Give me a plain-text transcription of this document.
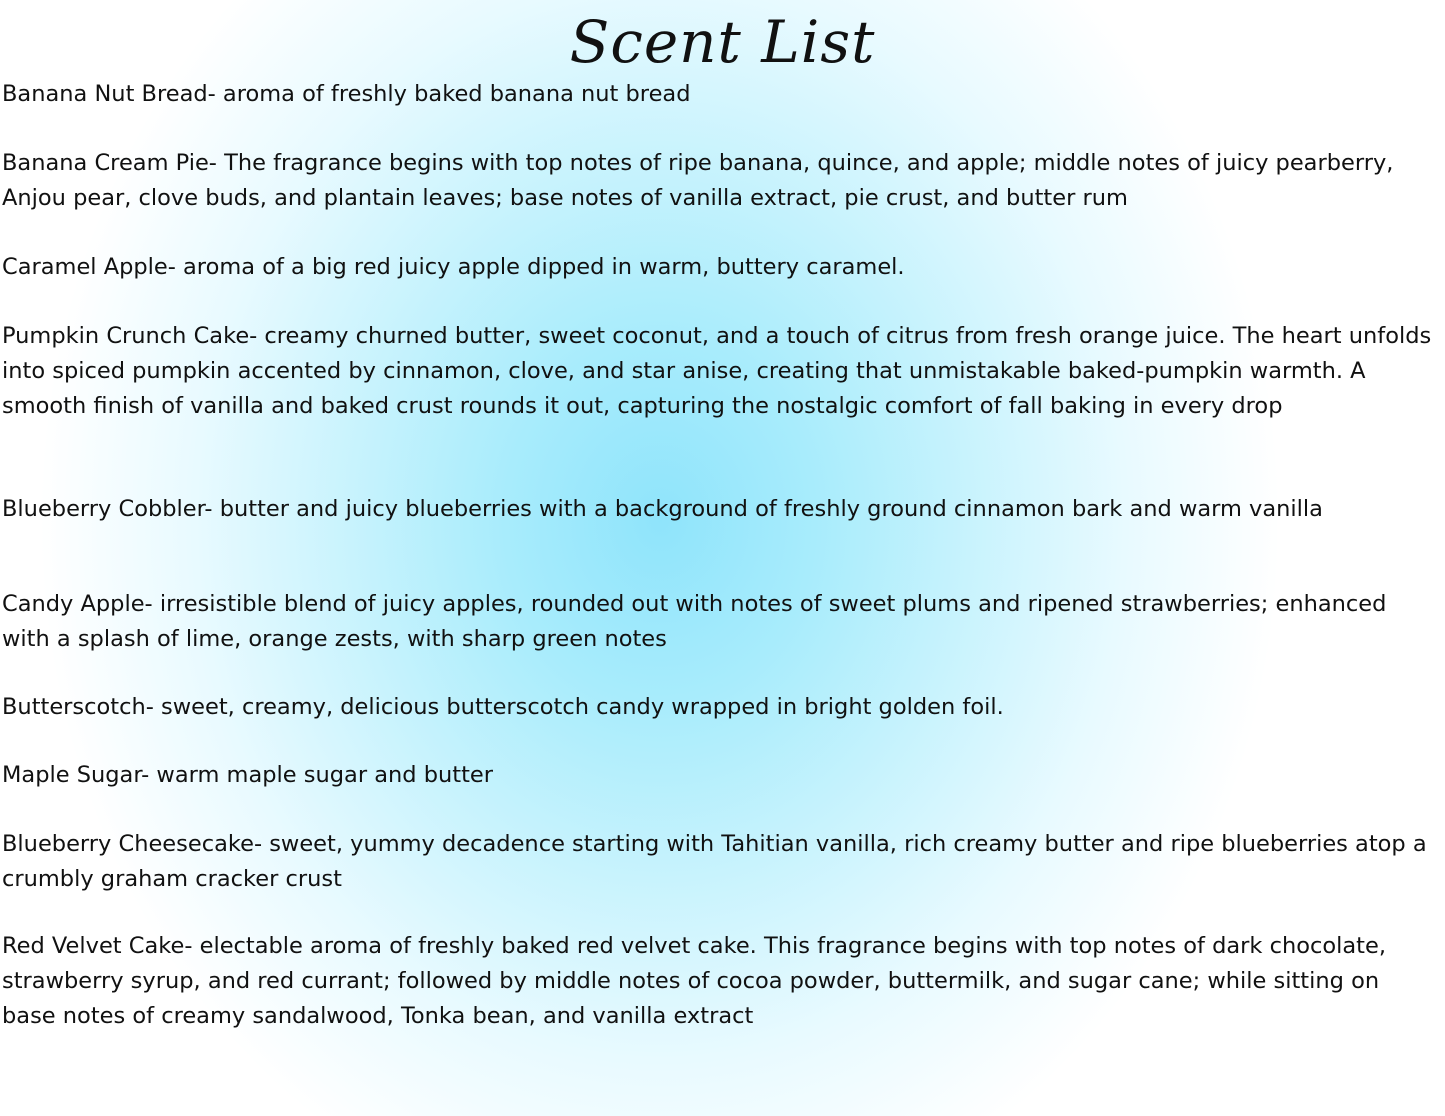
Scent List

Banana Nut Bread- aroma of freshly baked banana nut bread

Banana Cream Pie- The fragrance begins with top notes of ripe banana, quince, and apple; middle notes of juicy pearberry, Anjou pear, clove buds, and plantain leaves; base notes of vanilla extract, pie crust, and butter rum

Caramel Apple- aroma of a big red juicy apple dipped in warm, buttery caramel.

Pumpkin Crunch Cake- creamy churned butter, sweet coconut, and a touch of citrus from fresh orange juice. The heart unfolds into spiced pumpkin accented by cinnamon, clove, and star anise, creating that unmistakable baked-pumpkin warmth. A smooth finish of vanilla and baked crust rounds it out, capturing the nostalgic comfort of fall baking in every drop

Blueberry Cobbler- butter and juicy blueberries with a background of freshly ground cinnamon bark and warm vanilla

Candy Apple- irresistible blend of juicy apples, rounded out with notes of sweet plums and ripened strawberries; enhanced with a splash of lime, orange zests, with sharp green notes

Butterscotch- sweet, creamy, delicious butterscotch candy wrapped in bright golden foil.

Maple Sugar- warm maple sugar and butter

Blueberry Cheesecake- sweet, yummy decadence starting with Tahitian vanilla, rich creamy butter and ripe blueberries atop a crumbly graham cracker crust

Red Velvet Cake- electable aroma of freshly baked red velvet cake. This fragrance begins with top notes of dark chocolate, strawberry syrup, and red currant; followed by middle notes of cocoa powder, buttermilk, and sugar cane; while sitting on base notes of creamy sandalwood, Tonka bean, and vanilla extract
